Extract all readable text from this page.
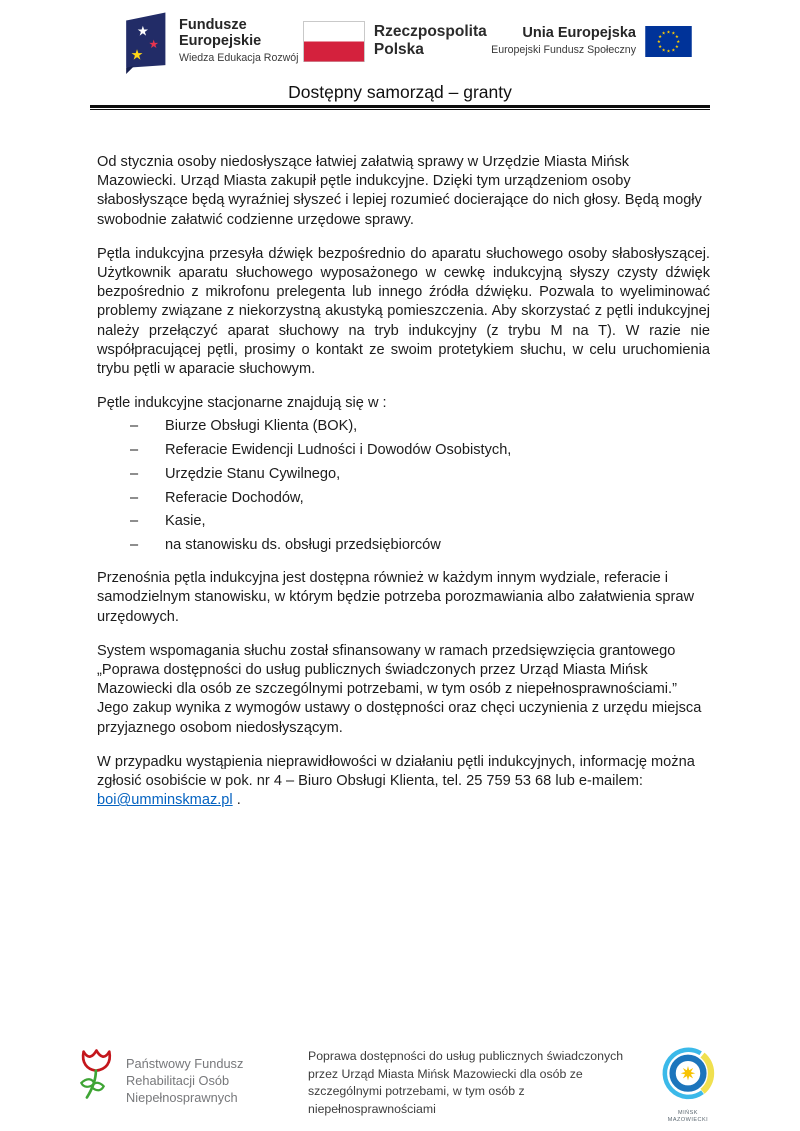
★
★
★
Fundusze
Europejskie
Wiedza Edukacja Rozwój
Rzeczpospolita
Polska
Unia Europejska
Europejski Fundusz Społeczny
★ ★
★
★
★
★
★
★
★
★
★
★
Dostępny samorząd – granty

Od stycznia osoby niedosłyszące łatwiej załatwią sprawy w Urzędzie Miasta Mińsk Mazowiecki. Urząd Miasta zakupił pętle indukcyjne. Dzięki tym urządzeniom osoby słabosłyszące będą wyraźniej słyszeć i lepiej rozumieć docierające do nich głosy. Będą mogły swobodnie załatwić codzienne urzędowe sprawy.

Pętla indukcyjna przesyła dźwięk bezpośrednio do aparatu słuchowego osoby słabosłyszącej. Użytkownik aparatu słuchowego wyposażonego w cewkę indukcyjną słyszy czysty dźwięk bezpośrednio z mikrofonu prelegenta lub innego źródła dźwięku. Pozwala to wyeliminować problemy związane z niekorzystną akustyką pomieszczenia. Aby skorzystać z pętli indukcyjnej należy przełączyć aparat słuchowy na tryb indukcyjny (z trybu M na T). W razie nie współpracującej pętli, prosimy o kontakt ze swoim protetykiem słuchu, w celu uruchomienia trybu pętli w aparacie słuchowym.

Pętle indukcyjne stacjonarne znajdują się w :

– Biurze Obsługi Klienta (BOK),
– Referacie Ewidencji Ludności i Dowodów Osobistych,
– Urzędzie Stanu Cywilnego,
– Referacie Dochodów,
– Kasie,
– na stanowisku ds. obsługi przedsiębiorców

Przenośnia pętla indukcyjna jest dostępna również w każdym innym wydziale, referacie i samodzielnym stanowisku, w którym będzie potrzeba porozmawiania albo załatwienia spraw urzędowych.

System wspomagania słuchu został sfinansowany w ramach przedsięwzięcia grantowego „Poprawa dostępności do usług publicznych świadczonych przez Urząd Miasta Mińsk Mazowiecki dla osób ze szczególnymi potrzebami, w tym osób z niepełnosprawnościami.” Jego zakup wynika z wymogów ustawy o dostępności oraz chęci uczynienia z urzędu miejsca przyjaznego osobom niedosłyszącym.

W przypadku wystąpienia nieprawidłowości w działaniu pętli indukcyjnych, informację można zgłosić osobiście w pok. nr 4 – Biuro Obsługi Klienta, tel. 25 759 53 68 lub e-mailem: boi@umminskmaz.pl .

Państwowy Fundusz
Rehabilitacji Osób
Niepełnosprawnych
Poprawa dostępności do usług publicznych świadczonych przez Urząd Miasta Mińsk Mazowiecki dla osób ze szczególnymi potrzebami, w tym osób z niepełnosprawnościami	MIŃSK
MAZOWIECKI
